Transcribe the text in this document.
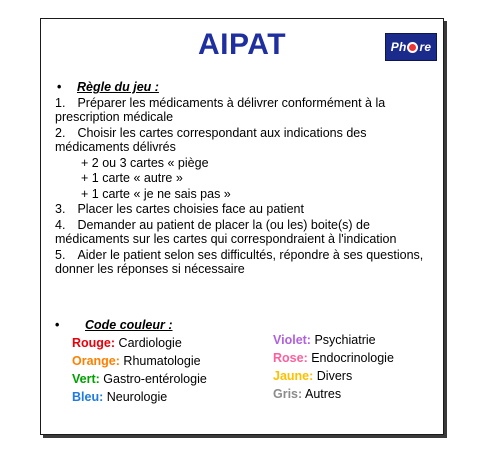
AIPAT	Ph re
•	Règle du jeu :
1. Préparer les médicaments à délivrer conformément à la prescription médicale
2. Choisir les cartes correspondant aux indications des médicaments délivrés
+ 2 ou 3 cartes « piège
+ 1 carte « autre »
+ 1 carte « je ne sais pas »
3. Placer les cartes choisies face au patient
4. Demander au patient de placer la (ou les) boite(s) de médicaments sur les cartes qui correspondraient à l'indication
5. Aider le patient selon ses difficultés, répondre à ses questions, donner les réponses si nécessaire
•	Code couleur :
Rouge: Cardiologie
Orange: Rhumatologie
Vert: Gastro-entérologie
Bleu: Neurologie
Violet: Psychiatrie
Rose: Endocrinologie
Jaune: Divers
Gris: Autres
